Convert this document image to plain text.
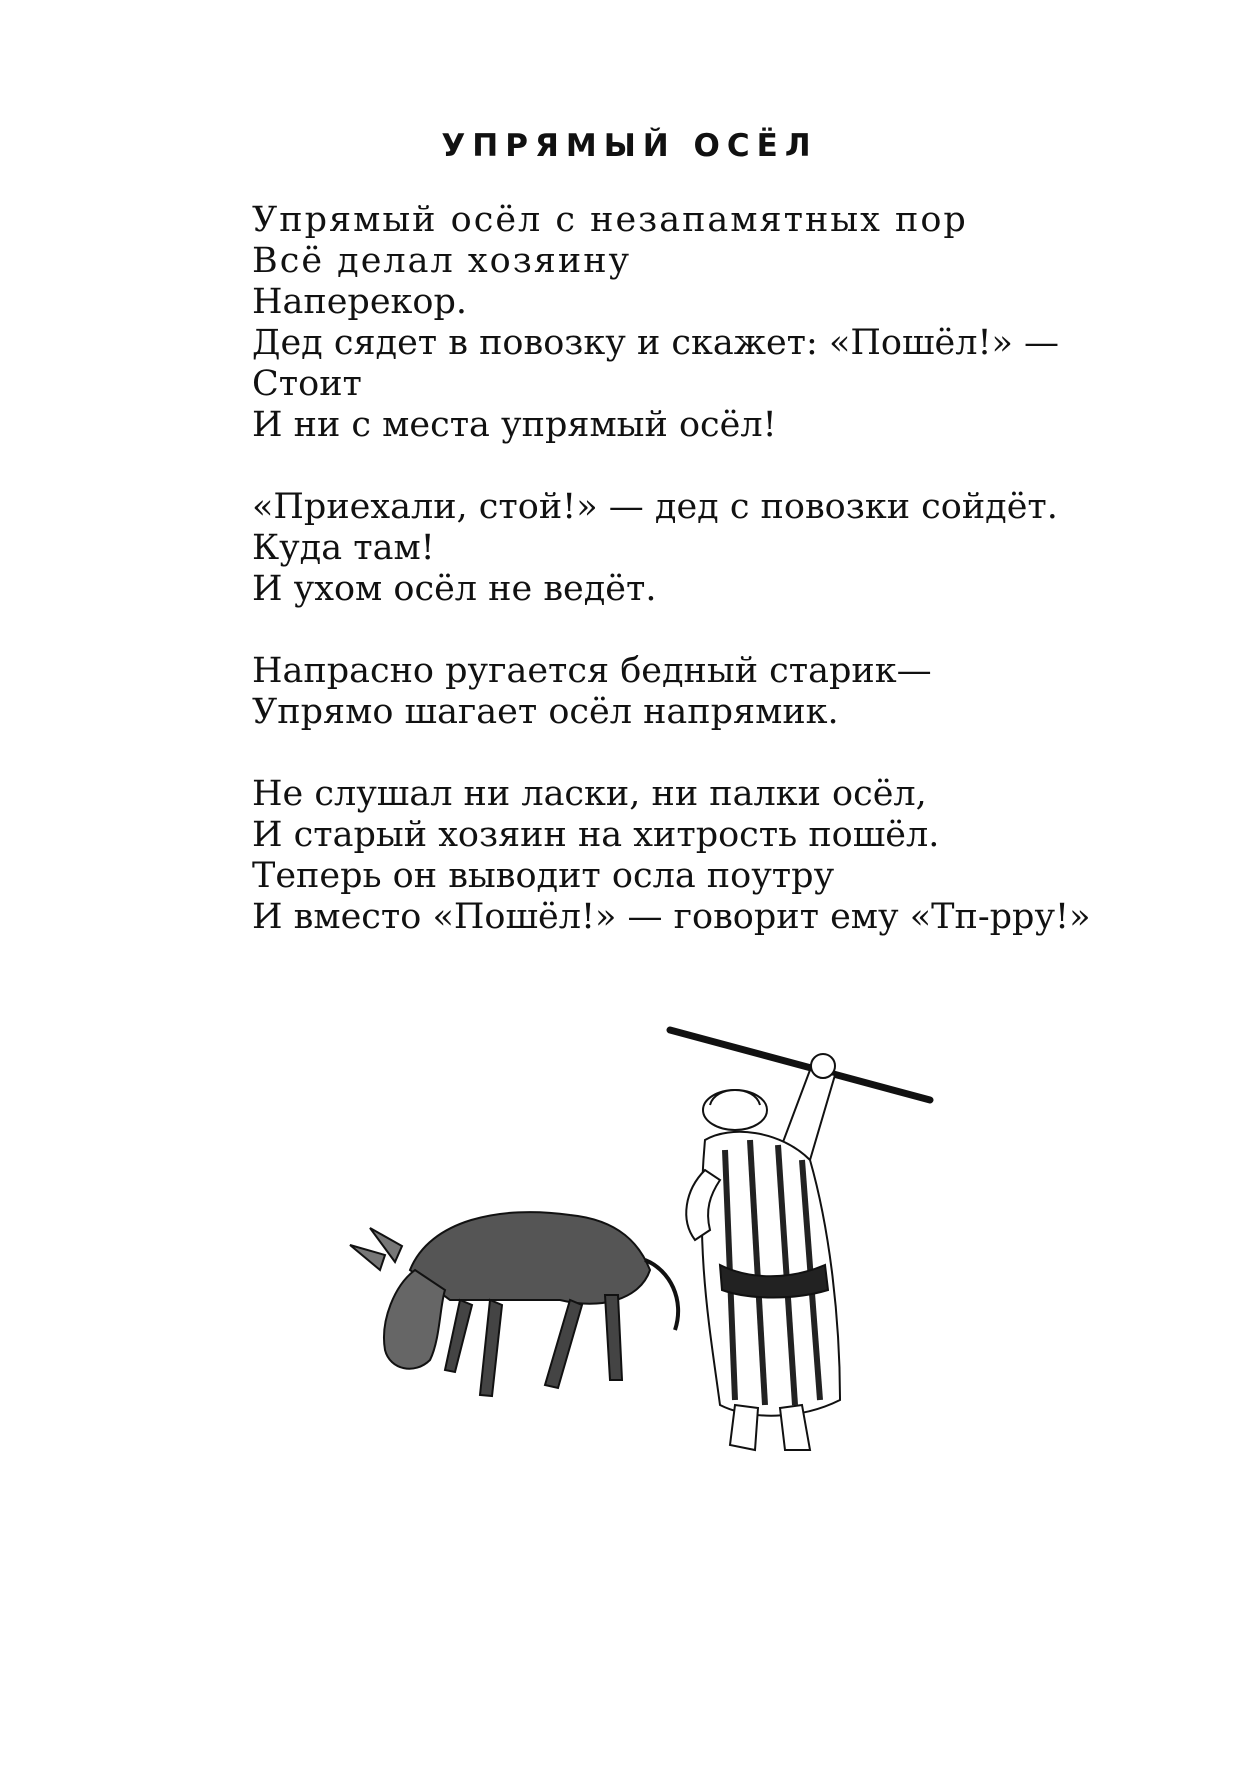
УПРЯМЫЙ ОСЁЛ
Упрямый осёл с незапамятных пор
Всё делал хозяину
Наперекор.
Дед сядет в повозку и скажет: «Пошёл!» —
Стоит
И ни с места упрямый осёл!
«Приехали, стой!» — дед с повозки сойдёт.
Куда там!
И ухом осёл не ведёт.
Напрасно ругается бедный старик—
Упрямо шагает осёл напрямик.
Не слушал ни ласки, ни палки осёл,
И старый хозяин на хитрость пошёл.
Теперь он выводит осла поутру
И вместо «Пошёл!» — говорит ему «Тп-рру!»
